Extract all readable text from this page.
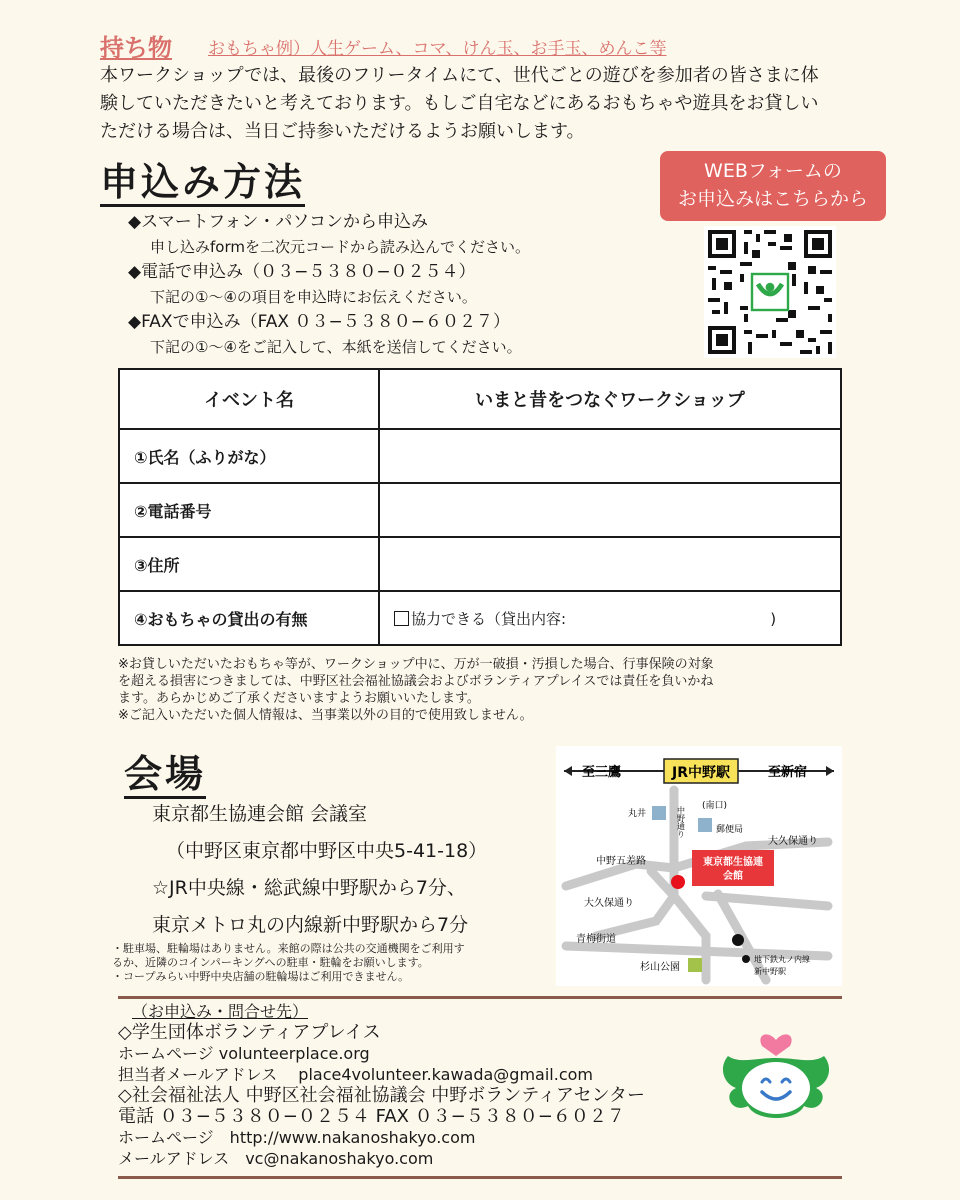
持ち物 おもちゃ例）人生ゲーム、コマ、けん玉、お手玉、めんこ等
本ワークショップでは、最後のフリータイムにて、世代ごとの遊びを参加者の皆さまに体
験していただきたいと考えております。もしご自宅などにあるおもちゃや遊具をお貸しい
ただける場合は、当日ご持参いただけるようお願いします。
申込み方法	WEBフォームの
お申込みはこちらから
◆スマートフォン・パソコンから申込み
申し込みformを二次元コードから読み込んでください。
◆電話で申込み（０３−５３８０−０２５４）
下記の①〜④の項目を申込時にお伝えください。
◆FAXで申込み（FAX ０３−５３８０−６０２７）
下記の①〜④をご記入して、本紙を送信してください。
イベント名	いまと昔をつなぐワークショップ
①氏名（ふりがな）	
②電話番号	
③住所	
④おもちゃの貸出の有無	協力できる（貸出内容: )
※お貸しいただいたおもちゃ等が、ワークショップ中に、万が一破損・汚損した場合、行事保険の対象
を超える損害につきましては、中野区社会福祉協議会およびボランティアプレイスでは責任を負いかね
ます。あらかじめご了承くださいますようお願いいたします。
※ご記入いただいた個人情報は、当事業以外の目的で使用致しません。
会場
東京都生協連会館 会議室
（中野区東京都中野区中央5-41-18）
☆JR中央線・総武線中野駅から7分、
東京メトロ丸の内線新中野駅から7分
・駐車場、駐輪場はありません。来館の際は公共の交通機関をご利用す
るか、近隣のコインパーキングへの駐車・駐輪をお願いします。
・コープみらい中野中央店舗の駐輪場はご利用できません。
至三鷹	JR中野駅	至新宿
丸井	中野通り (南口)
郵便局
大久保通り
中野五差路	東京都生協連
会館
大久保通り
青梅街道
杉山公園
地下鉄丸ノ内線
新中野駅
（お申込み・問合せ先）
◇学生団体ボランティアプレイス
ホームページ volunteerplace.org
担当者メールアドレス　 place4volunteer.kawada@gmail.com
◇社会福祉法人 中野区社会福祉協議会 中野ボランティアセンター
電話 ０３−５３８０−０２５４ FAX ０３−５３８０−６０２７
ホームページ　http://www.nakanoshakyo.com
メールアドレス　vc@nakanoshakyo.com
